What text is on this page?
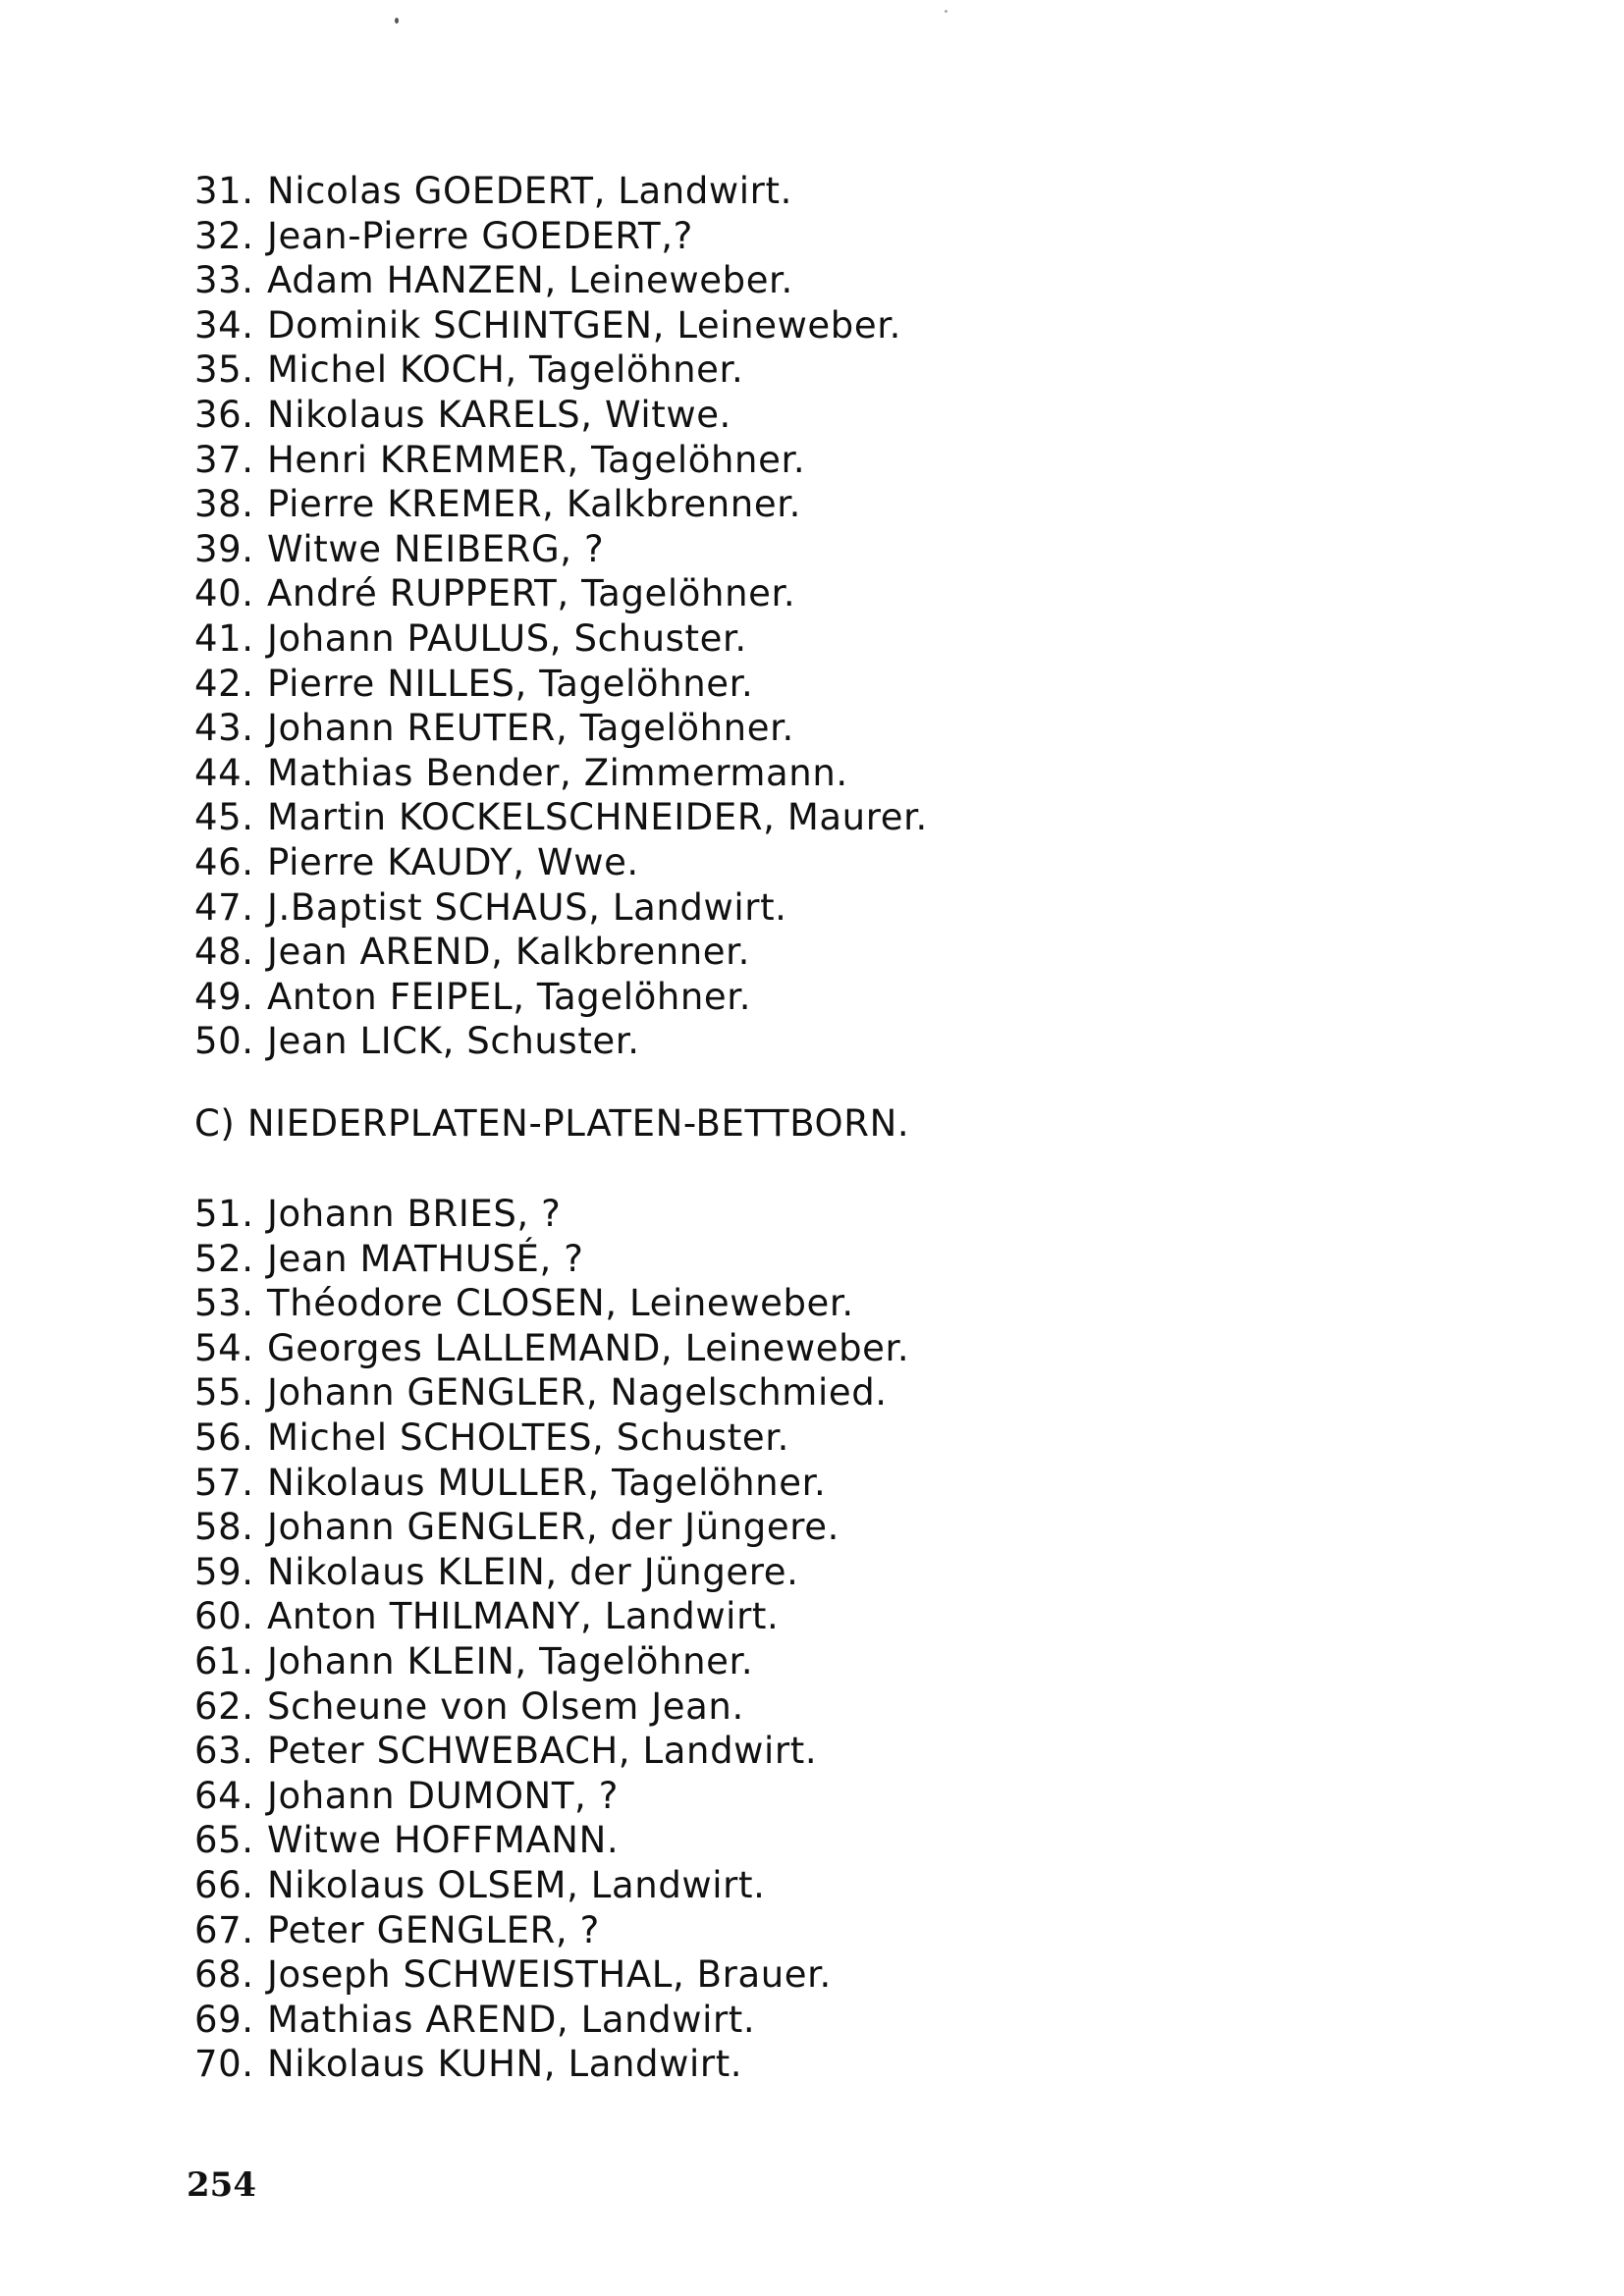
31. Nicolas GOEDERT, Landwirt.
32. Jean-Pierre GOEDERT,?
33. Adam HANZEN, Leineweber.
34. Dominik SCHINTGEN, Leineweber.
35. Michel KOCH, Tagelöhner.
36. Nikolaus KARELS, Witwe.
37. Henri KREMMER, Tagelöhner.
38. Pierre KREMER, Kalkbrenner.
39. Witwe NEIBERG, ?
40. André RUPPERT, Tagelöhner.
41. Johann PAULUS, Schuster.
42. Pierre NILLES, Tagelöhner.
43. Johann REUTER, Tagelöhner.
44. Mathias Bender, Zimmermann.
45. Martin KOCKELSCHNEIDER, Maurer.
46. Pierre KAUDY, Wwe.
47. J.Baptist SCHAUS, Landwirt.
48. Jean AREND, Kalkbrenner.
49. Anton FEIPEL, Tagelöhner.
50. Jean LICK, Schuster.
C) NIEDERPLATEN-PLATEN-BETTBORN.
51. Johann BRIES, ?
52. Jean MATHUSÉ, ?
53. Théodore CLOSEN, Leineweber.
54. Georges LALLEMAND, Leineweber.
55. Johann GENGLER, Nagelschmied.
56. Michel SCHOLTES, Schuster.
57. Nikolaus MULLER, Tagelöhner.
58. Johann GENGLER, der Jüngere.
59. Nikolaus KLEIN, der Jüngere.
60. Anton THILMANY, Landwirt.
61. Johann KLEIN, Tagelöhner.
62. Scheune von Olsem Jean.
63. Peter SCHWEBACH, Landwirt.
64. Johann DUMONT, ?
65. Witwe HOFFMANN.
66. Nikolaus OLSEM, Landwirt.
67. Peter GENGLER, ?
68. Joseph SCHWEISTHAL, Brauer.
69. Mathias AREND, Landwirt.
70. Nikolaus KUHN, Landwirt.
254
